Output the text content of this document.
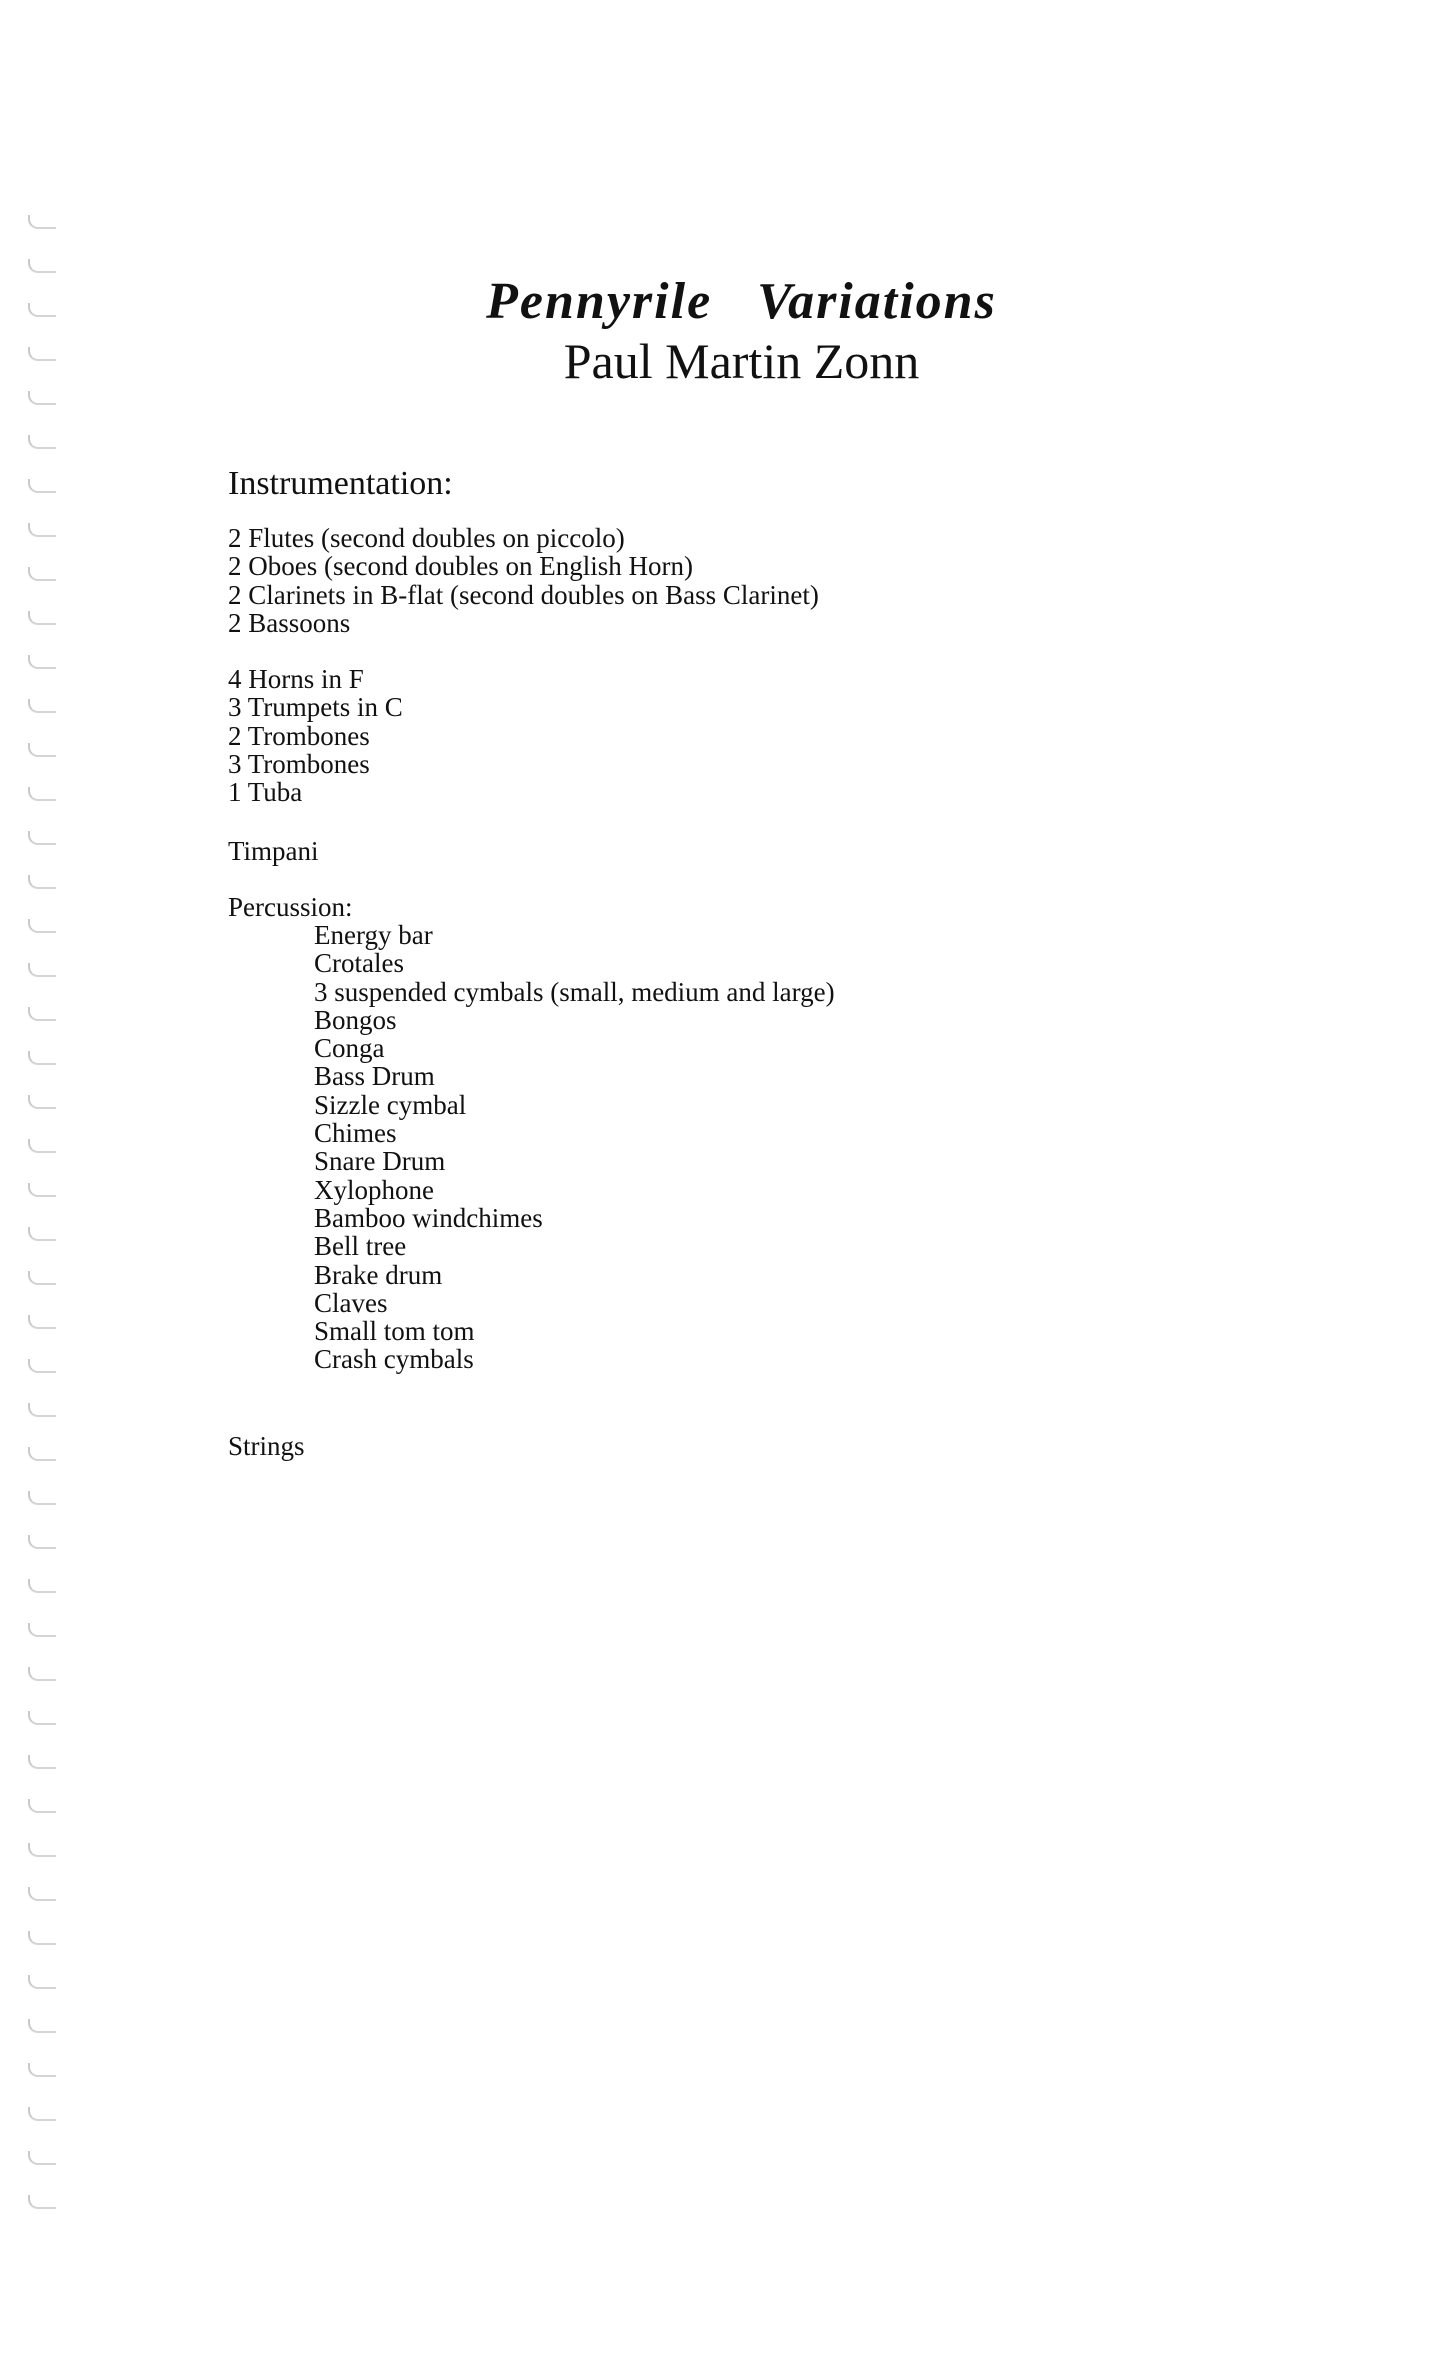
Pennyrile Variations
Paul Martin Zonn
Instrumentation:
2 Flutes (second doubles on piccolo)
2 Oboes (second doubles on English Horn)
2 Clarinets in B-flat (second doubles on Bass Clarinet)
2 Bassoons
4 Horns in F
3 Trumpets in C
2 Trombones
3 Trombones
1 Tuba
Timpani
Percussion:
Energy bar
Crotales
3 suspended cymbals (small, medium and large)
Bongos
Conga
Bass Drum
Sizzle cymbal
Chimes
Snare Drum
Xylophone
Bamboo windchimes
Bell tree
Brake drum
Claves
Small tom tom
Crash cymbals
Strings
